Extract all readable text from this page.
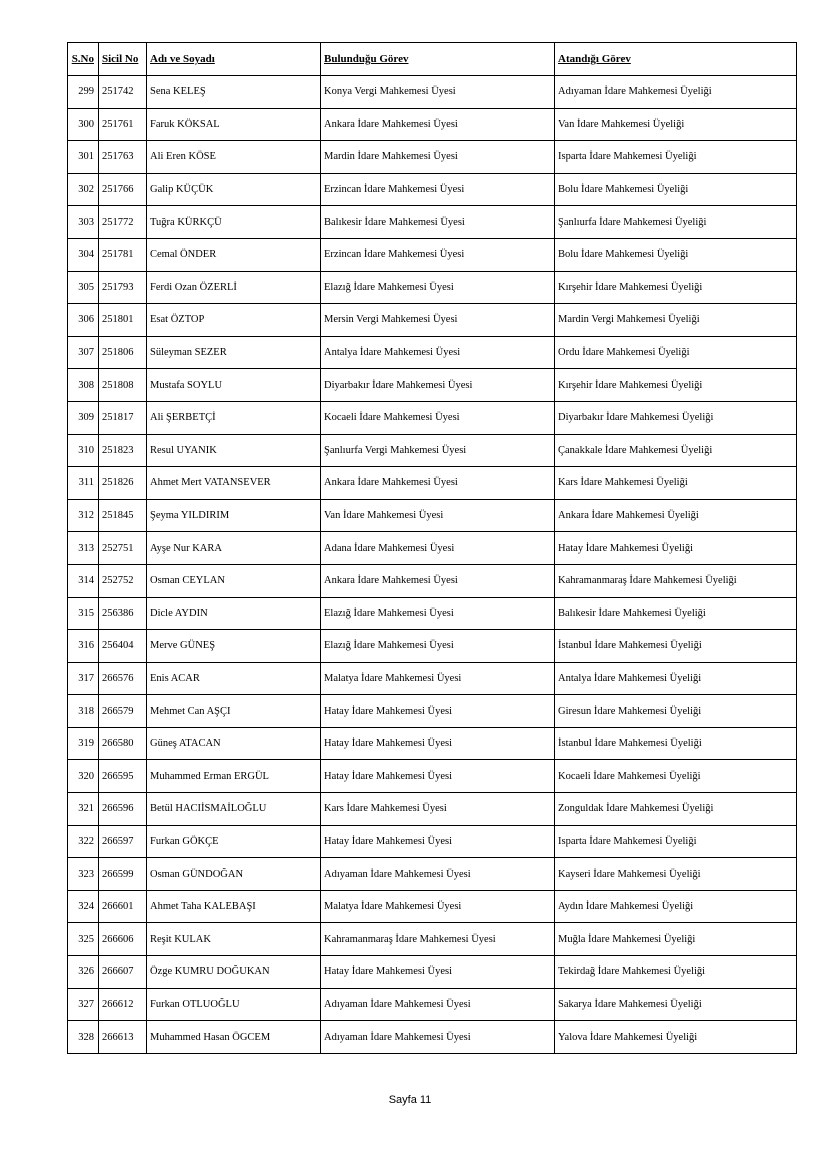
S.No	Sicil No	Adı ve Soyadı	Bulunduğu Görev	Atandığı Görev
299	251742	Sena KELEŞ	Konya Vergi Mahkemesi Üyesi	Adıyaman İdare Mahkemesi Üyeliği
300	251761	Faruk KÖKSAL	Ankara İdare Mahkemesi Üyesi	Van İdare Mahkemesi Üyeliği
301	251763	Ali Eren KÖSE	Mardin İdare Mahkemesi Üyesi	Isparta İdare Mahkemesi Üyeliği
302	251766	Galip KÜÇÜK	Erzincan İdare Mahkemesi Üyesi	Bolu İdare Mahkemesi Üyeliği
303	251772	Tuğra KÜRKÇÜ	Balıkesir İdare Mahkemesi Üyesi	Şanlıurfa İdare Mahkemesi Üyeliği
304	251781	Cemal ÖNDER	Erzincan İdare Mahkemesi Üyesi	Bolu İdare Mahkemesi Üyeliği
305	251793	Ferdi Ozan ÖZERLİ	Elazığ İdare Mahkemesi Üyesi	Kırşehir İdare Mahkemesi Üyeliği
306	251801	Esat ÖZTOP	Mersin Vergi Mahkemesi Üyesi	Mardin Vergi Mahkemesi Üyeliği
307	251806	Süleyman SEZER	Antalya İdare Mahkemesi Üyesi	Ordu İdare Mahkemesi Üyeliği
308	251808	Mustafa SOYLU	Diyarbakır İdare Mahkemesi Üyesi	Kırşehir İdare Mahkemesi Üyeliği
309	251817	Ali ŞERBETÇİ	Kocaeli İdare Mahkemesi Üyesi	Diyarbakır İdare Mahkemesi Üyeliği
310	251823	Resul UYANIK	Şanlıurfa Vergi Mahkemesi Üyesi	Çanakkale İdare Mahkemesi Üyeliği
311	251826	Ahmet Mert VATANSEVER	Ankara İdare Mahkemesi Üyesi	Kars İdare Mahkemesi Üyeliği
312	251845	Şeyma YILDIRIM	Van İdare Mahkemesi Üyesi	Ankara İdare Mahkemesi Üyeliği
313	252751	Ayşe Nur KARA	Adana İdare Mahkemesi Üyesi	Hatay İdare Mahkemesi Üyeliği
314	252752	Osman CEYLAN	Ankara İdare Mahkemesi Üyesi	Kahramanmaraş İdare Mahkemesi Üyeliği
315	256386	Dicle AYDIN	Elazığ İdare Mahkemesi Üyesi	Balıkesir İdare Mahkemesi Üyeliği
316	256404	Merve GÜNEŞ	Elazığ İdare Mahkemesi Üyesi	İstanbul İdare Mahkemesi Üyeliği
317	266576	Enis ACAR	Malatya İdare Mahkemesi Üyesi	Antalya İdare Mahkemesi Üyeliği
318	266579	Mehmet Can AŞÇI	Hatay İdare Mahkemesi Üyesi	Giresun İdare Mahkemesi Üyeliği
319	266580	Güneş ATACAN	Hatay İdare Mahkemesi Üyesi	İstanbul İdare Mahkemesi Üyeliği
320	266595	Muhammed Erman ERGÜL	Hatay İdare Mahkemesi Üyesi	Kocaeli İdare Mahkemesi Üyeliği
321	266596	Betül HACIİSMAİLOĞLU	Kars İdare Mahkemesi Üyesi	Zonguldak İdare Mahkemesi Üyeliği
322	266597	Furkan GÖKÇE	Hatay İdare Mahkemesi Üyesi	Isparta İdare Mahkemesi Üyeliği
323	266599	Osman GÜNDOĞAN	Adıyaman İdare Mahkemesi Üyesi	Kayseri İdare Mahkemesi Üyeliği
324	266601	Ahmet Taha KALEBAŞI	Malatya İdare Mahkemesi Üyesi	Aydın İdare Mahkemesi Üyeliği
325	266606	Reşit KULAK	Kahramanmaraş İdare Mahkemesi Üyesi	Muğla İdare Mahkemesi Üyeliği
326	266607	Özge KUMRU DOĞUKAN	Hatay İdare Mahkemesi Üyesi	Tekirdağ İdare Mahkemesi Üyeliği
327	266612	Furkan OTLUOĞLU	Adıyaman İdare Mahkemesi Üyesi	Sakarya İdare Mahkemesi Üyeliği
328	266613	Muhammed Hasan ÖGCEM	Adıyaman İdare Mahkemesi Üyesi	Yalova İdare Mahkemesi Üyeliği
Sayfa 11
